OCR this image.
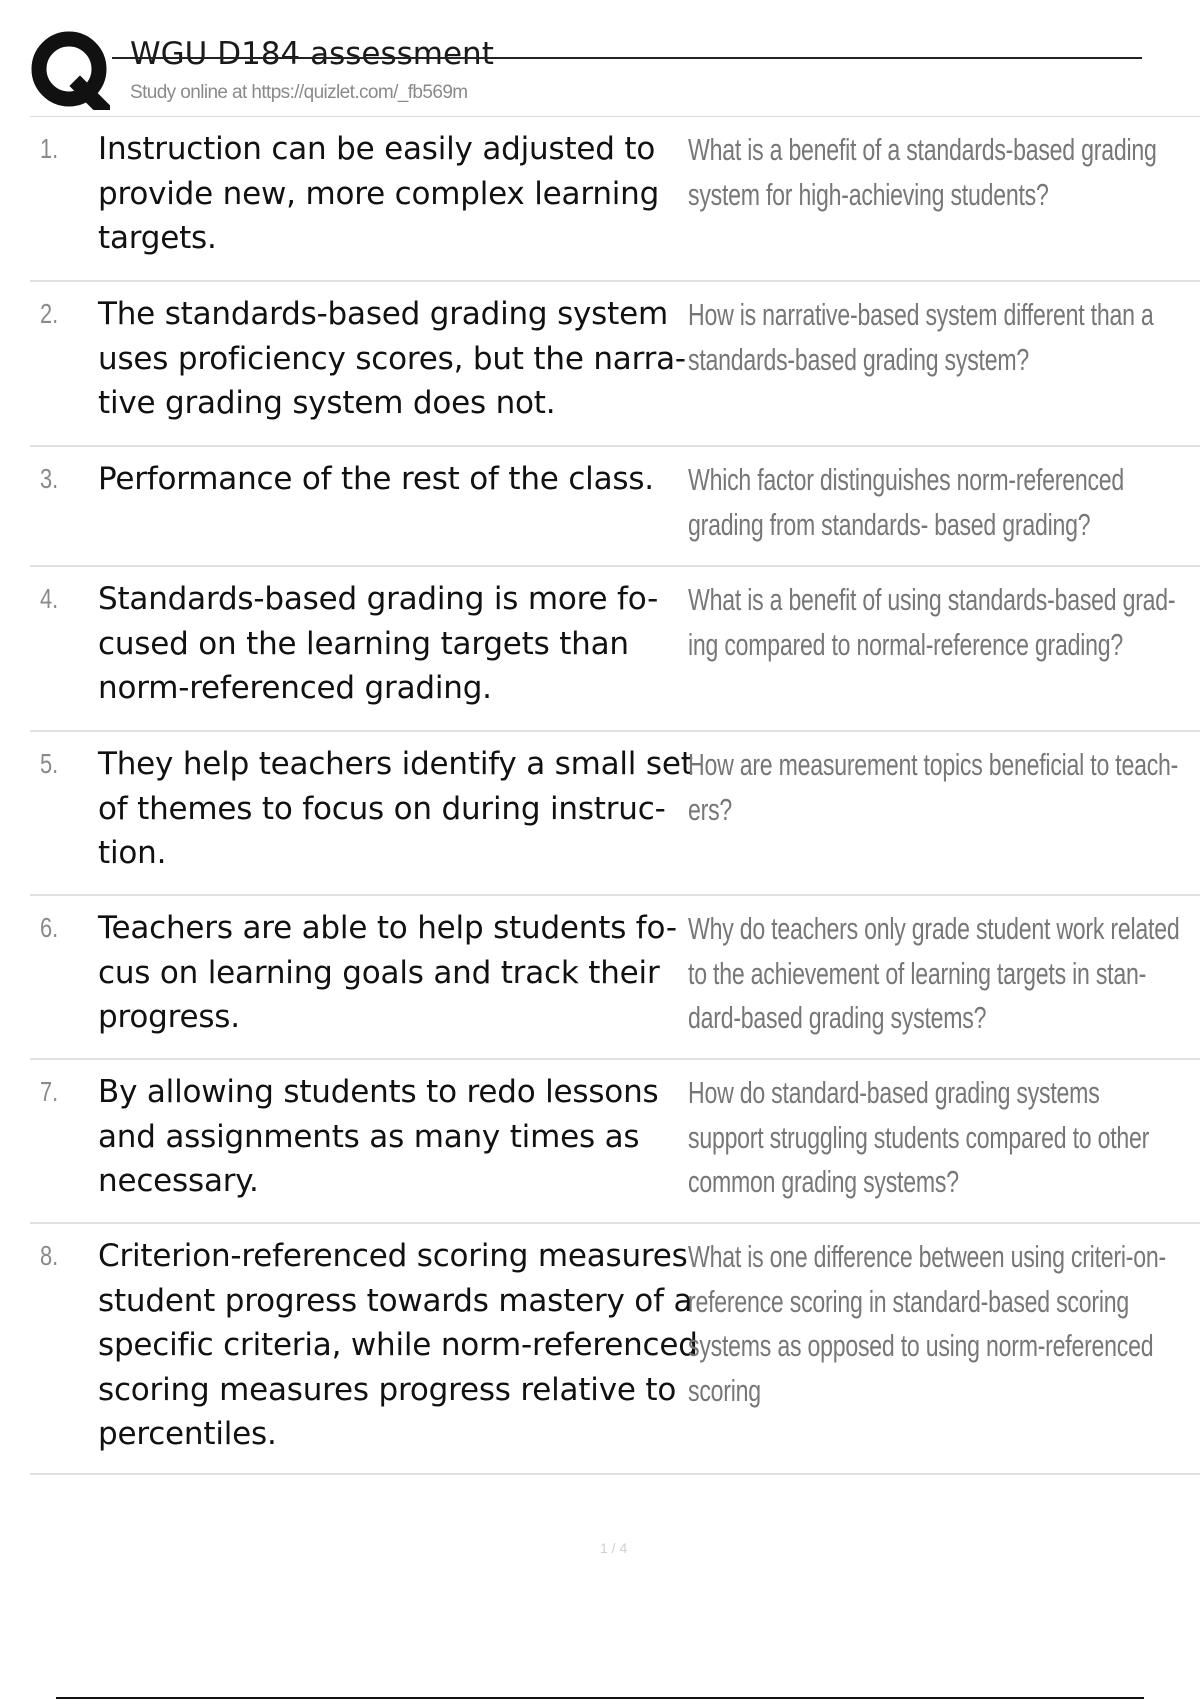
WGU D184 assessment
Study online at https://quizlet.com/_fb569m
1. Instruction can be easily adjusted to provide new, more complex learning targets.
What is a benefit of a standards-based grading system for high-achieving students?
2. The standards-based grading system uses proficiency scores, but the narra-tive grading system does not.
How is narrative-based system different than a standards-based grading system?
3. Performance of the rest of the class.	Which factor distinguishes norm-referenced grading from standards- based grading?
4. Standards-based grading is more fo-cused on the learning targets than norm-referenced grading.
What is a benefit of using standards-based grad-ing compared to normal-reference grading?
5. They help teachers identify a small set of themes to focus on during instruc-tion.
How are measurement topics beneficial to teach-ers?
6. Teachers are able to help students fo-cus on learning goals and track their progress.
Why do teachers only grade student work related to the achievement of learning targets in stan-dard-based grading systems?
7. By allowing students to redo lessons and assignments as many times as necessary.
How do standard-based grading systems support struggling students compared to other common grading systems?
8. Criterion-referenced scoring measures student progress towards mastery of a specific criteria, while norm-referenced scoring measures progress relative to percentiles.
What is one difference between using criteri-on-reference scoring in standard-based scoring systems as opposed to using norm-referenced scoring
1 / 4
